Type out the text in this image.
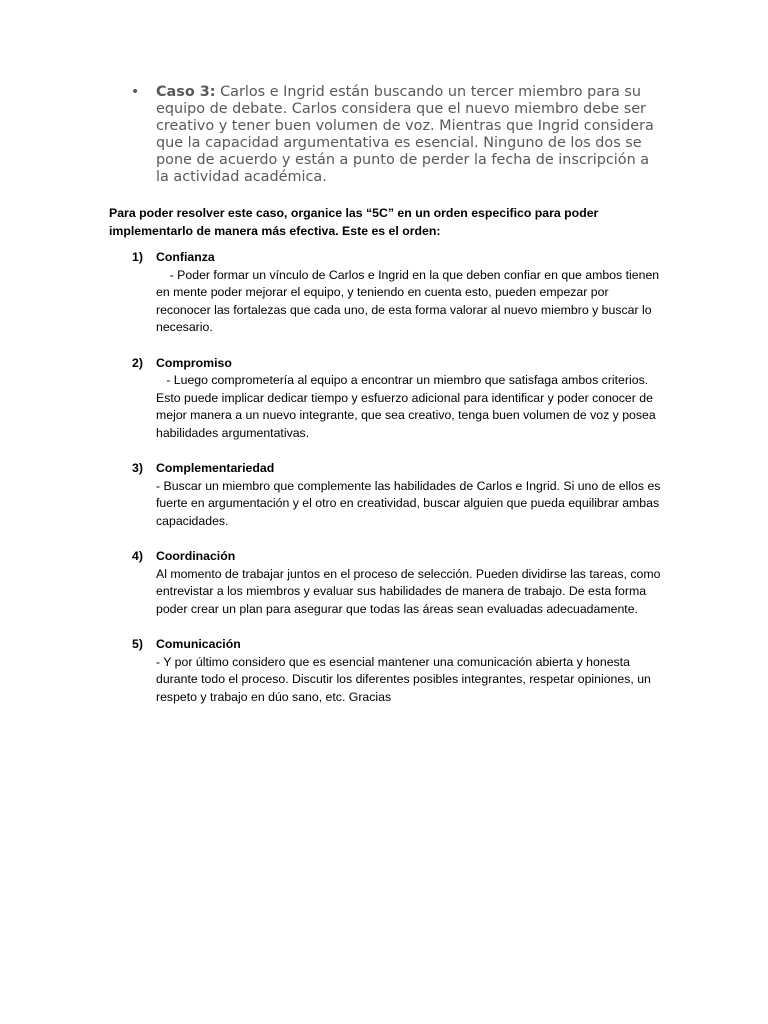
•	Caso 3: Carlos e Ingrid están buscando un tercer miembro para su equipo de debate. Carlos considera que el nuevo miembro debe ser creativo y tener buen volumen de voz. Mientras que Ingrid considera que la capacidad argumentativa es esencial. Ninguno de los dos se pone de acuerdo y están a punto de perder la fecha de inscripción a la actividad académica.

Para poder resolver este caso, organice las “5C” en un orden especifico para poder implementarlo de manera más efectiva. Este es el orden:

1)	Confianza
- Poder formar un vínculo de Carlos e Ingrid en la que deben confiar en que ambos tienen en mente poder mejorar el equipo, y teniendo en cuenta esto, pueden empezar por reconocer las fortalezas que cada uno, de esta forma valorar al nuevo miembro y buscar lo necesario.
2)	Compromiso
- Luego comprometería al equipo a encontrar un miembro que satisfaga ambos criterios. Esto puede implicar dedicar tiempo y esfuerzo adicional para identificar y poder conocer de mejor manera a un nuevo integrante, que sea creativo, tenga buen volumen de voz y posea habilidades argumentativas.
3)	Complementariedad
- Buscar un miembro que complemente las habilidades de Carlos e Ingrid. Si uno de ellos es fuerte en argumentación y el otro en creatividad, buscar alguien que pueda equilibrar ambas capacidades.
4)	Coordinación
Al momento de trabajar juntos en el proceso de selección. Pueden dividirse las tareas, como entrevistar a los miembros y evaluar sus habilidades de manera de trabajo. De esta forma poder crear un plan para asegurar que todas las áreas sean evaluadas adecuadamente.
5)	Comunicación
- Y por último considero que es esencial mantener una comunicación abierta y honesta durante todo el proceso. Discutir los diferentes posibles integrantes, respetar opiniones, un respeto y trabajo en dúo sano, etc. Gracias
